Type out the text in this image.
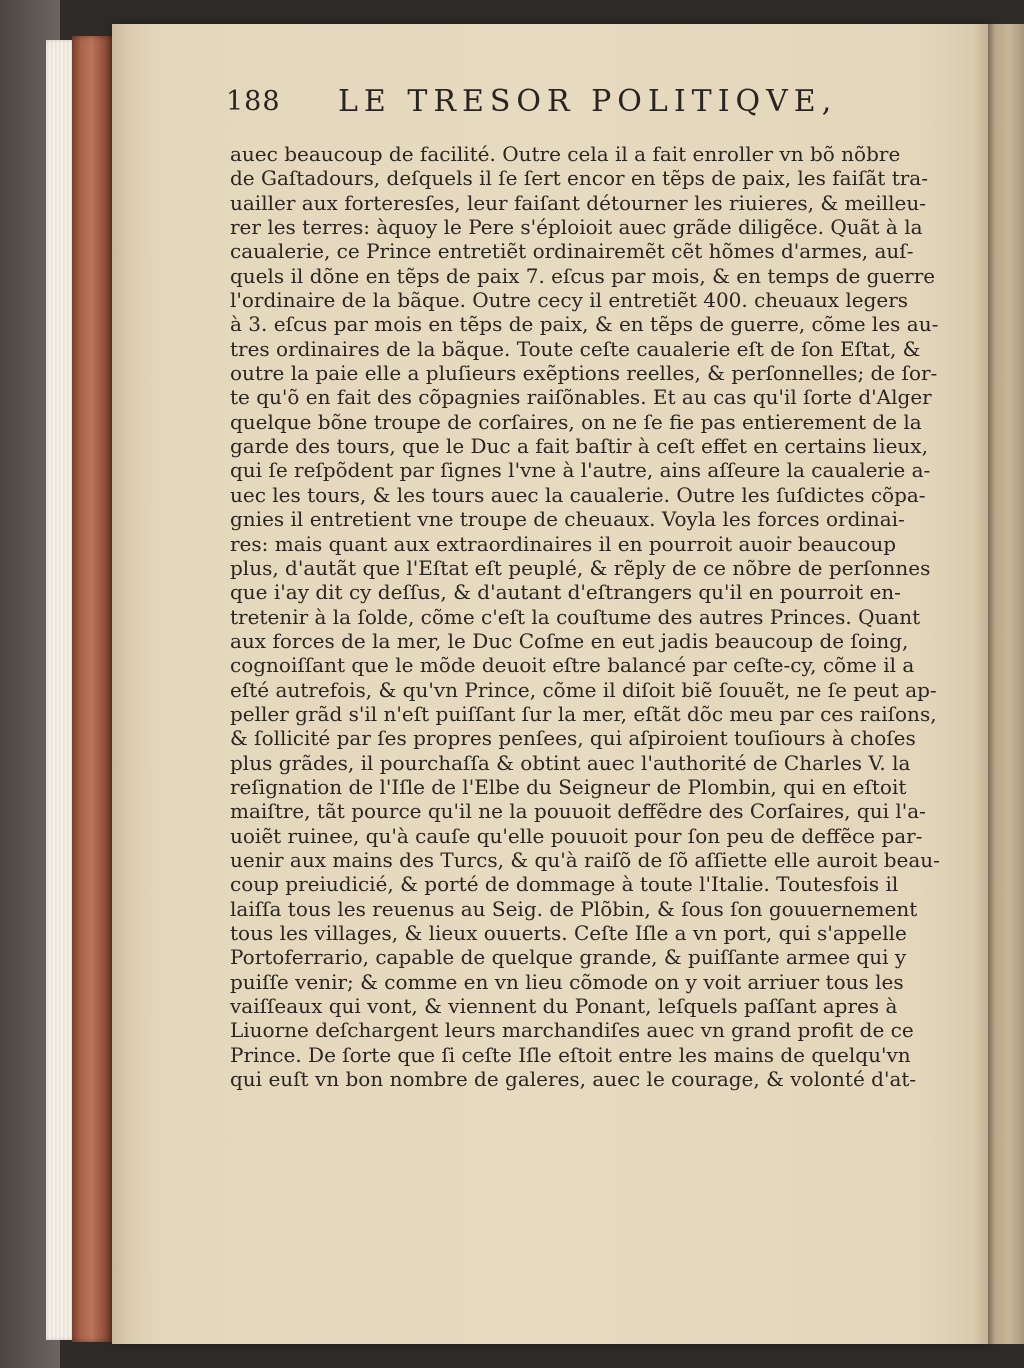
188 LE TRESOR POLITIQVE,
auec beaucoup de facilité. Outre cela il a fait enroller vn bõ nõbre
de Gaſtadours, deſquels il ſe ſert encor en tẽps de paix, les faiſãt tra-
uailler aux forteresſes, leur faiſant détourner les riuieres, & meilleu-
rer les terres: àquoy le Pere s'éploioit auec grãde diligẽce. Quãt à la
caualerie, ce Prince entretiẽt ordinairemẽt cẽt hõmes d'armes, auſ-
quels il dõne en tẽps de paix 7. eſcus par mois, & en temps de guerre
l'ordinaire de la bãque. Outre cecy il entretiẽt 400. cheuaux legers
à 3. eſcus par mois en tẽps de paix, & en tẽps de guerre, cõme les au-
tres ordinaires de la bãque. Toute ceſte caualerie eſt de ſon Eſtat, &
outre la paie elle a pluſieurs exẽptions reelles, & perſonnelles; de ſor-
te qu'õ en fait des cõpagnies raiſõnables. Et au cas qu'il ſorte d'Alger
quelque bõne troupe de corſaires, on ne ſe fie pas entierement de la
garde des tours, que le Duc a fait baſtir à ceſt effet en certains lieux,
qui ſe reſpõdent par ſignes l'vne à l'autre, ains aſſeure la caualerie a-
uec les tours, & les tours auec la caualerie. Outre les ſuſdictes cõpa-
gnies il entretient vne troupe de cheuaux. Voyla les forces ordinai-
res: mais quant aux extraordinaires il en pourroit auoir beaucoup
plus, d'autãt que l'Eſtat eſt peuplé, & rẽply de ce nõbre de perſonnes
que i'ay dit cy deſſus, & d'autant d'eſtrangers qu'il en pourroit en-
tretenir à la ſolde, cõme c'eſt la couſtume des autres Princes. Quant
aux forces de la mer, le Duc Coſme en eut jadis beaucoup de ſoing,
cognoiſſant que le mõde deuoit eſtre balancé par ceſte-cy, cõme il a
eſté autrefois, & qu'vn Prince, cõme il diſoit biẽ ſouuẽt, ne ſe peut ap-
peller grãd s'il n'eſt puiſſant ſur la mer, eſtãt dõc meu par ces raiſons,
& ſollicité par ſes propres penſees, qui aſpiroient touſiours à choſes
plus grãdes, il pourchaſſa & obtint auec l'authorité de Charles V. la
reſignation de l'Iſle de l'Elbe du Seigneur de Plombin, qui en eſtoit
maiſtre, tãt pource qu'il ne la pouuoit deffẽdre des Corſaires, qui l'a-
uoiẽt ruinee, qu'à cauſe qu'elle pouuoit pour ſon peu de deffẽce par-
uenir aux mains des Turcs, & qu'à raiſõ de ſõ aſſiette elle auroit beau-
coup preiudicié, & porté de dommage à toute l'Italie. Toutesfois il
laiſſa tous les reuenus au Seig. de Plõbin, & ſous ſon gouuernement
tous les villages, & lieux ouuerts. Ceſte Iſle a vn port, qui s'appelle
Portoferrario, capable de quelque grande, & puiſſante armee qui y
puiſſe venir; & comme en vn lieu cõmode on y voit arriuer tous les
vaiſſeaux qui vont, & viennent du Ponant, leſquels paſſant apres à
Liuorne deſchargent leurs marchandiſes auec vn grand profit de ce
Prince. De ſorte que ſi ceſte Iſle eſtoit entre les mains de quelqu'vn
qui euſt vn bon nombre de galeres, auec le courage, & volonté d'at-
